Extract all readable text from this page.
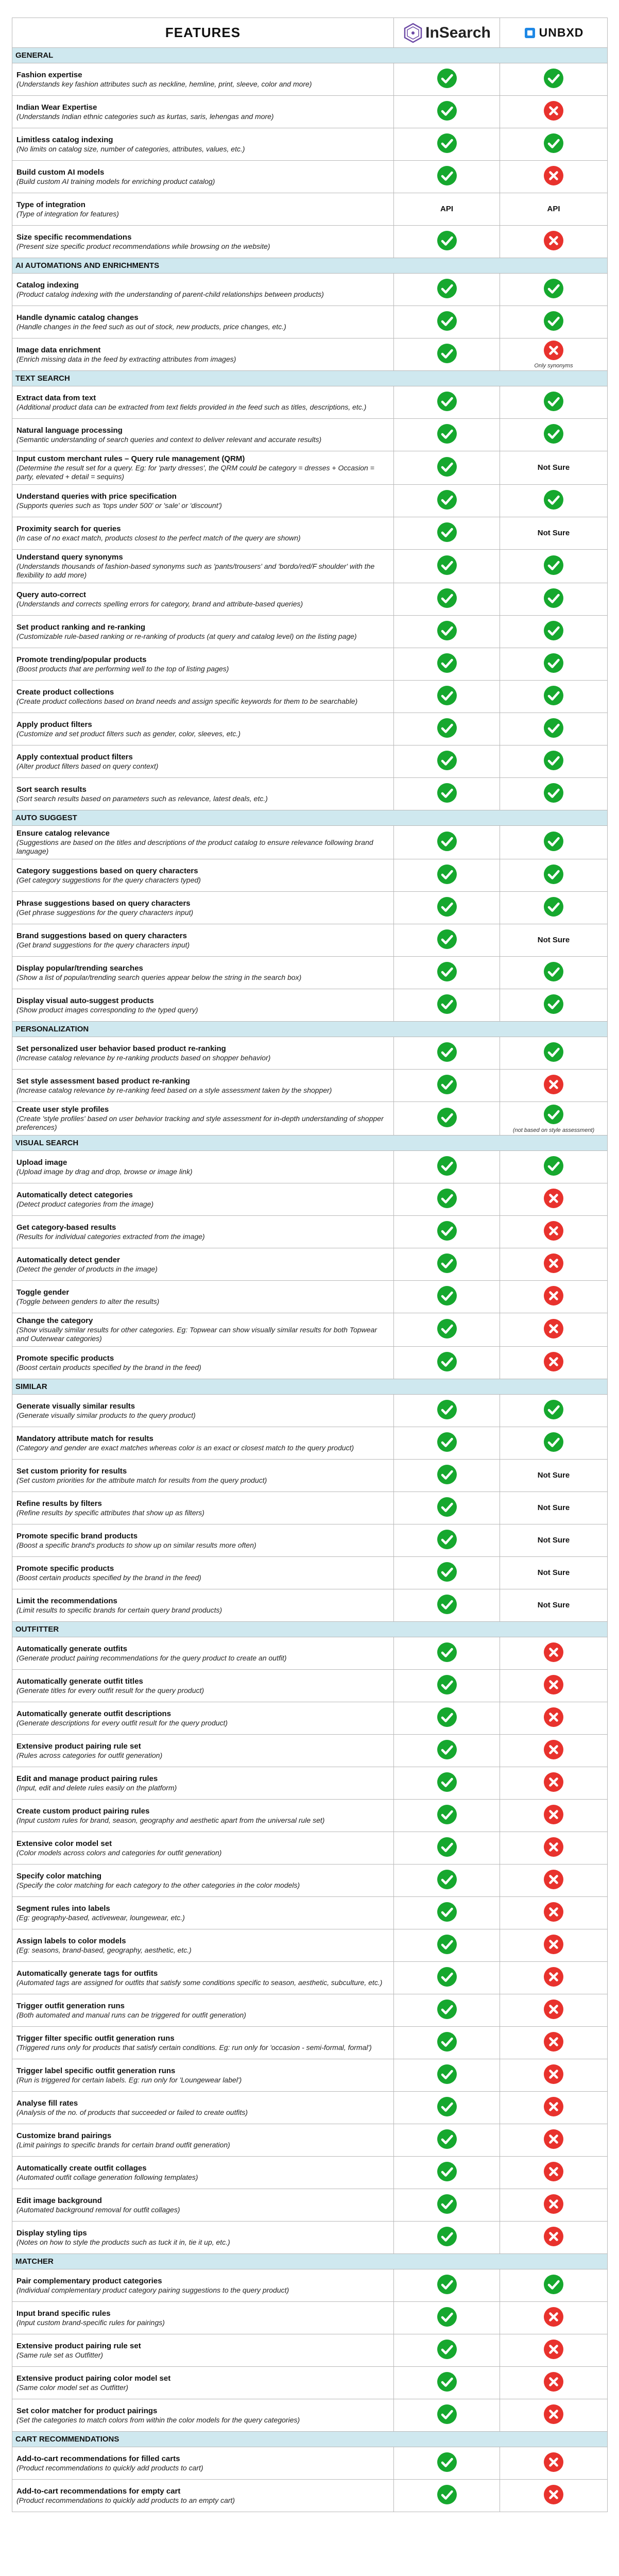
FEATURES	InSearch	UNBXD

GENERAL		

Fashion expertise
(Understands key fashion attributes such as neckline, hemline, print, sleeve, color and more)

Indian Wear Expertise
(Understands Indian ethnic categories such as kurtas, saris, lehengas and more)

Limitless catalog indexing
(No limits on catalog size, number of categories, attributes, values, etc.)

Build custom AI models
(Build custom AI training models for enriching product catalog)

Type of integration
(Type of integration for features)	API	API

Size specific recommendations
(Present size specific product recommendations while browsing on the website)

AI AUTOMATIONS AND ENRICHMENTS		

Catalog indexing
(Product catalog indexing with the understanding of parent-child relationships between products)

Handle dynamic catalog changes
(Handle changes in the feed such as out of stock, new products, price changes, etc.)

Image data enrichment
(Enrich missing data in the feed by extracting attributes from images)		Only synonyms

TEXT SEARCH		

Extract data from text
(Additional product data can be extracted from text fields provided in the feed such as titles, descriptions, etc.)

Natural language processing
(Semantic understanding of search queries and context to deliver relevant and accurate results)

Input custom merchant rules – Query rule management (QRM)
(Determine the result set for a query. Eg: for 'party dresses', the QRM could be category = dresses + Occasion = party, elevated + detail = sequins)		Not Sure

Understand queries with price specification
(Supports queries such as 'tops under 500' or 'sale' or 'discount')

Proximity search for queries
(In case of no exact match, products closest to the perfect match of the query are shown)		Not Sure

Understand query synonyms
(Understands thousands of fashion-based synonyms such as 'pants/trousers' and 'bordo/red/F shoulder' with the flexibility to add more)

Query auto-correct
(Understands and corrects spelling errors for category, brand and attribute-based queries)

Set product ranking and re-ranking
(Customizable rule-based ranking or re-ranking of products (at query and catalog level) on the listing page)

Promote trending/popular products
(Boost products that are performing well to the top of listing pages)

Create product collections
(Create product collections based on brand needs and assign specific keywords for them to be searchable)

Apply product filters
(Customize and set product filters such as gender, color, sleeves, etc.)

Apply contextual product filters
(Alter product filters based on query context)

Sort search results
(Sort search results based on parameters such as relevance, latest deals, etc.)

AUTO SUGGEST		

Ensure catalog relevance
(Suggestions are based on the titles and descriptions of the product catalog to ensure relevance following brand language)

Category suggestions based on query characters
(Get category suggestions for the query characters typed)

Phrase suggestions based on query characters
(Get phrase suggestions for the query characters input)

Brand suggestions based on query characters
(Get brand suggestions for the query characters input)		Not Sure

Display popular/trending searches
(Show a list of popular/trending search queries appear below the string in the search box)

Display visual auto-suggest products
(Show product images corresponding to the typed query)

PERSONALIZATION		

Set personalized user behavior based product re-ranking
(Increase catalog relevance by re-ranking products based on shopper behavior)

Set style assessment based product re-ranking
(Increase catalog relevance by re-ranking feed based on a style assessment taken by the shopper)

Create user style profiles
(Create 'style profiles' based on user behavior tracking and style assessment for in-depth understanding of shopper preferences)		(not based on style assessment)

VISUAL SEARCH		

Upload image
(Upload image by drag and drop, browse or image link)

Automatically detect categories
(Detect product categories from the image)

Get category-based results
(Results for individual categories extracted from the image)

Automatically detect gender
(Detect the gender of products in the image)

Toggle gender
(Toggle between genders to alter the results)

Change the category
(Show visually similar results for other categories. Eg: Topwear can show visually similar results for both Topwear and Outerwear categories)

Promote specific products
(Boost certain products specified by the brand in the feed)

SIMILAR		

Generate visually similar results
(Generate visually similar products to the query product)

Mandatory attribute match for results
(Category and gender are exact matches whereas color is an exact or closest match to the query product)

Set custom priority for results
(Set custom priorities for the attribute match for results from the query product)		Not Sure

Refine results by filters
(Refine results by specific attributes that show up as filters)		Not Sure

Promote specific brand products
(Boost a specific brand's products to show up on similar results more often)		Not Sure

Promote specific products
(Boost certain products specified by the brand in the feed)		Not Sure

Limit the recommendations
(Limit results to specific brands for certain query brand products)		Not Sure
OUTFITTER		

Automatically generate outfits
(Generate product pairing recommendations for the query product to create an outfit)

Automatically generate outfit titles
(Generate titles for every outfit result for the query product)

Automatically generate outfit descriptions
(Generate descriptions for every outfit result for the query product)

Extensive product pairing rule set
(Rules across categories for outfit generation)

Edit and manage product pairing rules
(Input, edit and delete rules easily on the platform)

Create custom product pairing rules
(Input custom rules for brand, season, geography and aesthetic apart from the universal rule set)

Extensive color model set
(Color models across colors and categories for outfit generation)

Specify color matching
(Specify the color matching for each category to the other categories in the color models)

Segment rules into labels
(Eg: geography-based, activewear, loungewear, etc.)

Assign labels to color models
(Eg: seasons, brand-based, geography, aesthetic, etc.)

Automatically generate tags for outfits
(Automated tags are assigned for outfits that satisfy some conditions specific to season, aesthetic, subculture, etc.)

Trigger outfit generation runs
(Both automated and manual runs can be triggered for outfit generation)

Trigger filter specific outfit generation runs
(Triggered runs only for products that satisfy certain conditions. Eg: run only for 'occasion - semi-formal, formal')

Trigger label specific outfit generation runs
(Run is triggered for certain labels. Eg: run only for 'Loungewear label')

Analyse fill rates
(Analysis of the no. of products that succeeded or failed to create outfits)

Customize brand pairings
(Limit pairings to specific brands for certain brand outfit generation)

Automatically create outfit collages
(Automated outfit collage generation following templates)

Edit image background
(Automated background removal for outfit collages)

Display styling tips
(Notes on how to style the products such as tuck it in, tie it up, etc.)

MATCHER		

Pair complementary product categories
(Individual complementary product category pairing suggestions to the query product)

Input brand specific rules
(Input custom brand-specific rules for pairings)

Extensive product pairing rule set
(Same rule set as Outfitter)

Extensive product pairing color model set
(Same color model set as Outfitter)

Set color matcher for product pairings
(Set the categories to match colors from within the color models for the query categories)

CART RECOMMENDATIONS		

Add-to-cart recommendations for filled carts
(Product recommendations to quickly add products to cart)

Add-to-cart recommendations for empty cart
(Product recommendations to quickly add products to an empty cart)
